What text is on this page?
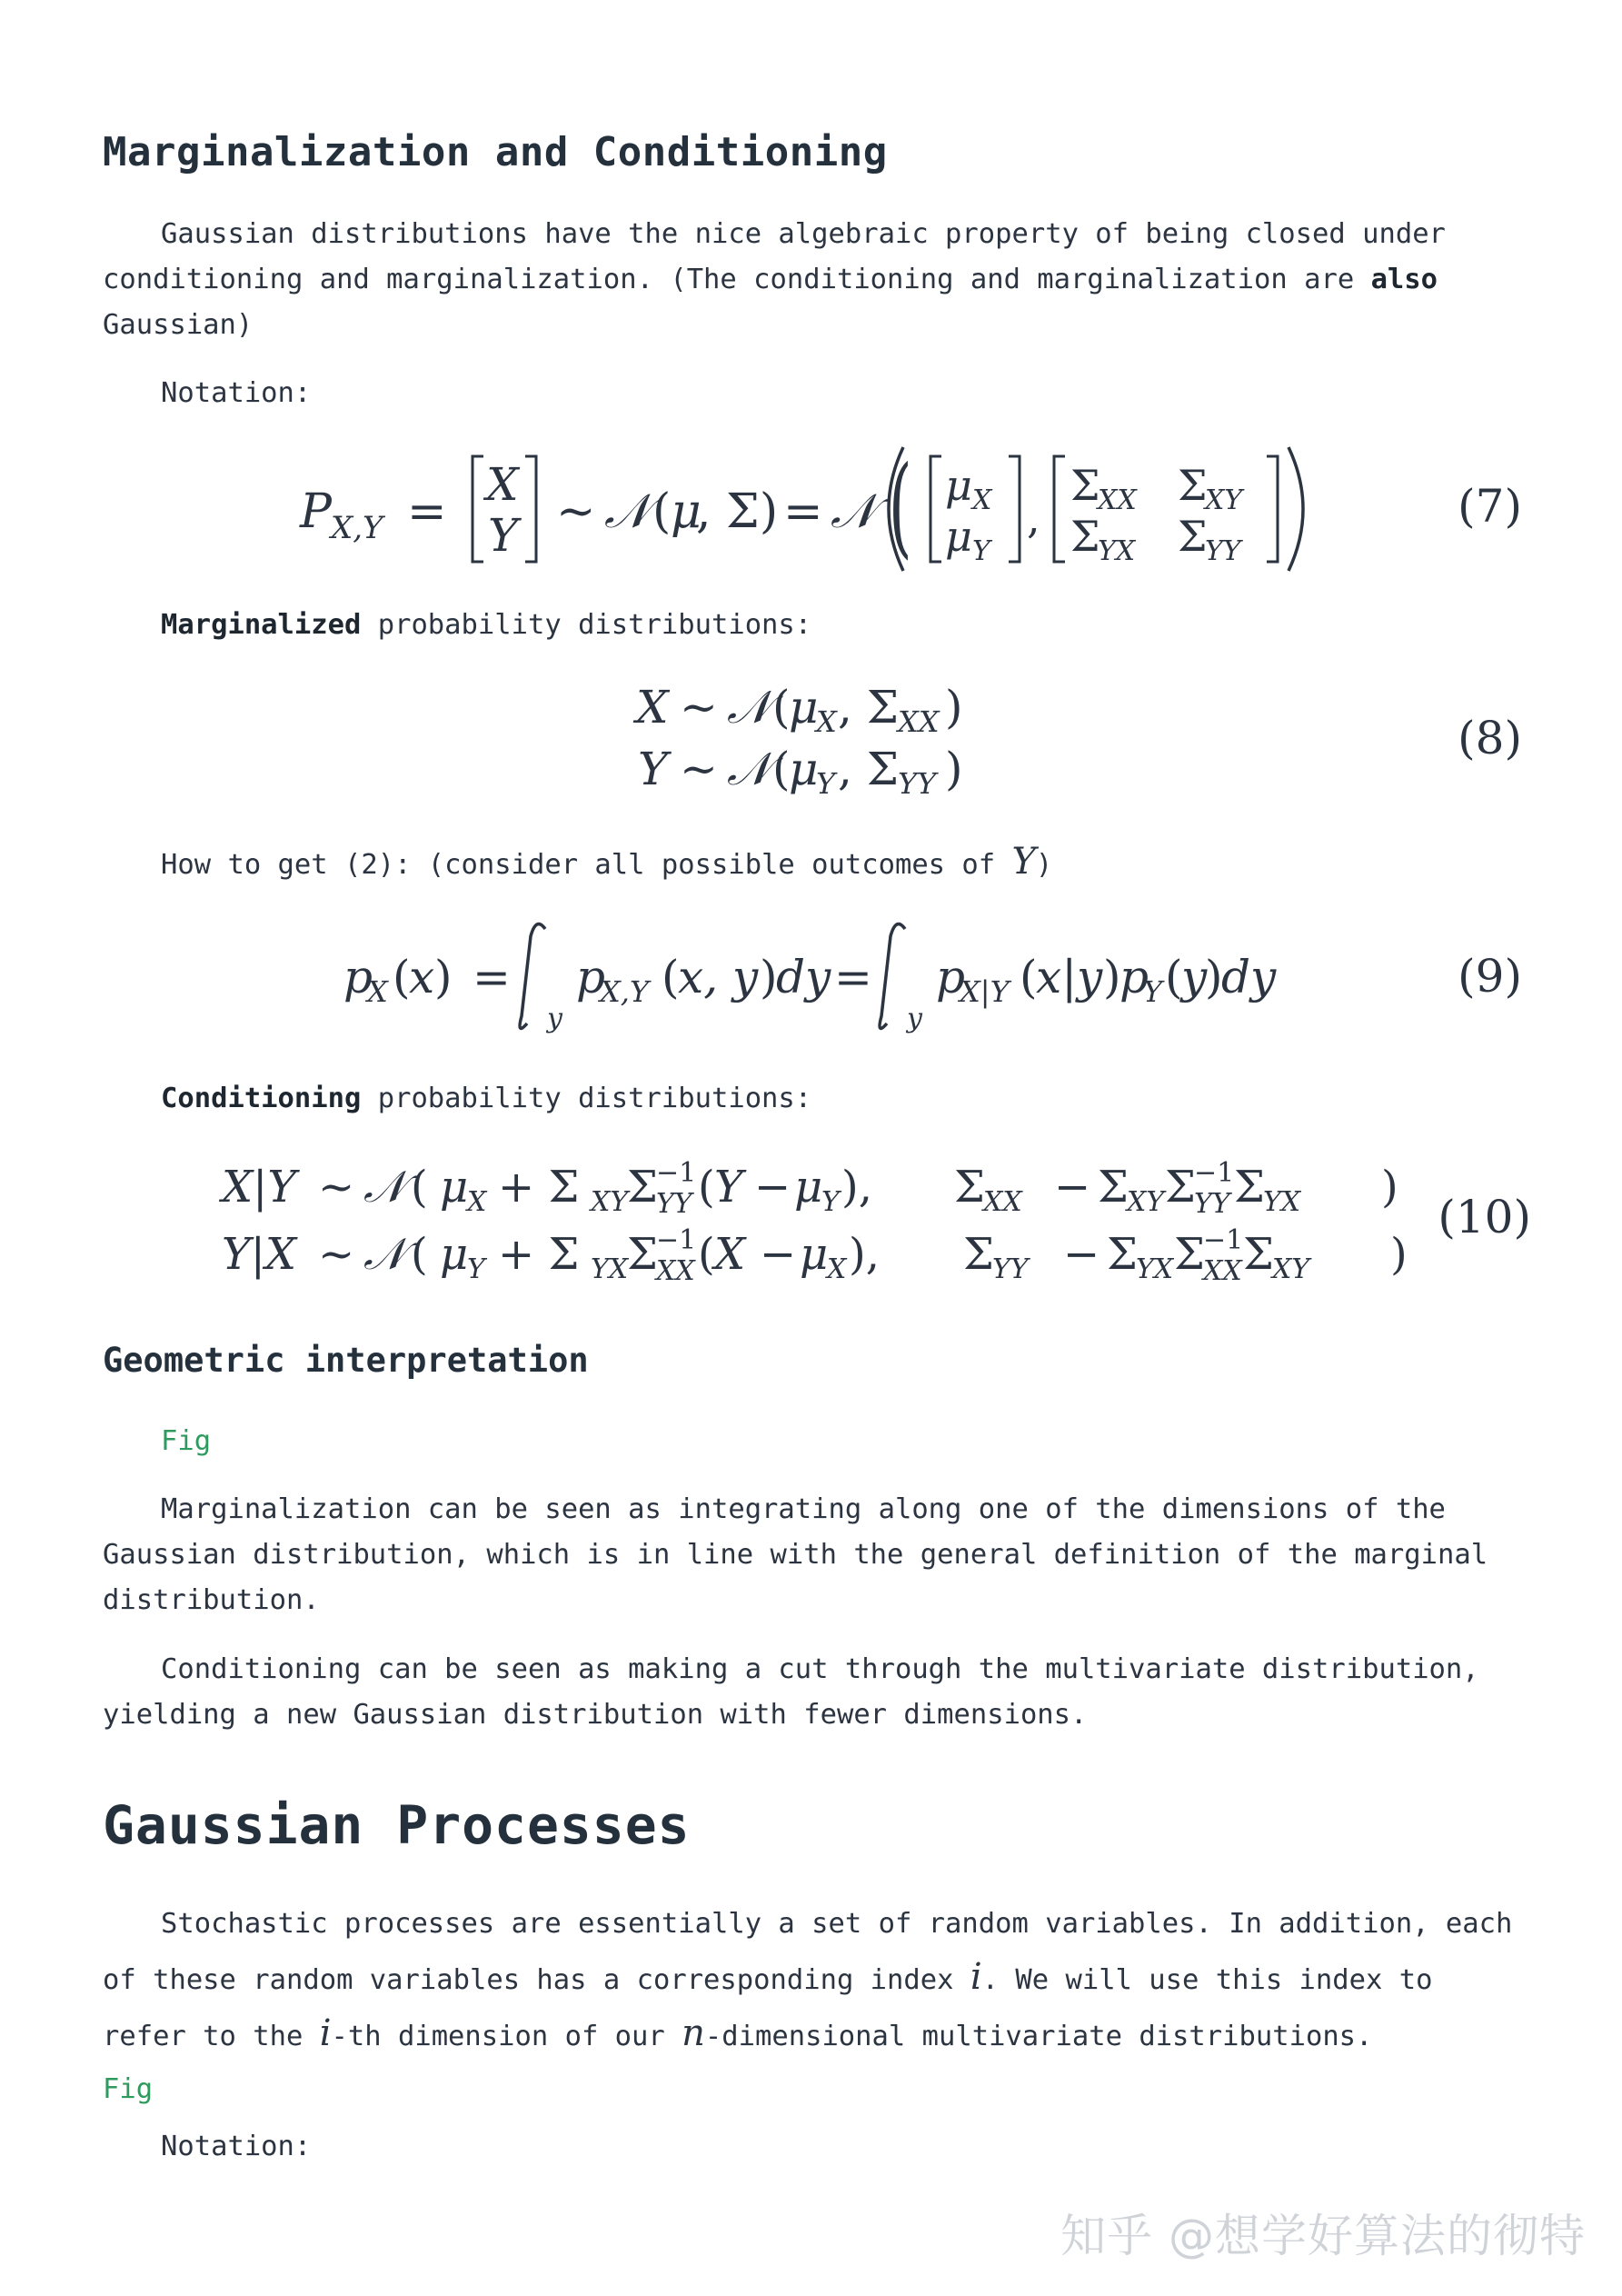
Marginalization and Conditioning

Gaussian distributions have the nice algebraic property of being closed under conditioning and marginalization. (The conditioning and marginalization are also Gaussian)

Notation:

P X,Y = X
Y ~ 𝒩 ( μ
, Σ) = 𝒩 ( μ X
μ Y
,
Σ
XX Σ
XY
Σ
YX Σ
YY
(7)

Marginalized probability distributions:

X ~ 𝒩 (
μ
X , Σ
XX )
Y ~ 𝒩 (
μ
Y , Σ
YY )
(8)

How to get (2): (consider all possible outcomes of Y)

p
X (
x ) =
y
p
X,Y (
x, y )
dy =
y
p
X|Y (
x|y )
p
Y (
y
)
dy	(9)

Conditioning probability distributions:

X|Y ~ 𝒩 ( μ
X + Σ XY
Σ
−1
YY ( Y − μ
Y ), Σ
XX − Σ
XY Σ
−1
YY Σ
YX )
Y|X ~ 𝒩 ( μ
Y + Σ YX
Σ
−1
XX ( X − μ
X ), Σ
YY − Σ
YX Σ
−1
XX Σ
XY )
(10)
Geometric interpretation

Fig

Marginalization can be seen as integrating along one of the dimensions of the Gaussian distribution, which is in line with the general definition of the marginal distribution.

Conditioning can be seen as making a cut through the multivariate distribution, yielding a new Gaussian distribution with fewer dimensions.

Gaussian Processes

Stochastic processes are essentially a set of random variables. In addition, each of these random variables has a corresponding index i. We will use this index to refer to the i-th dimension of our n-dimensional multivariate distributions.
Fig

Notation:

知乎 @想学好算法的彻特
